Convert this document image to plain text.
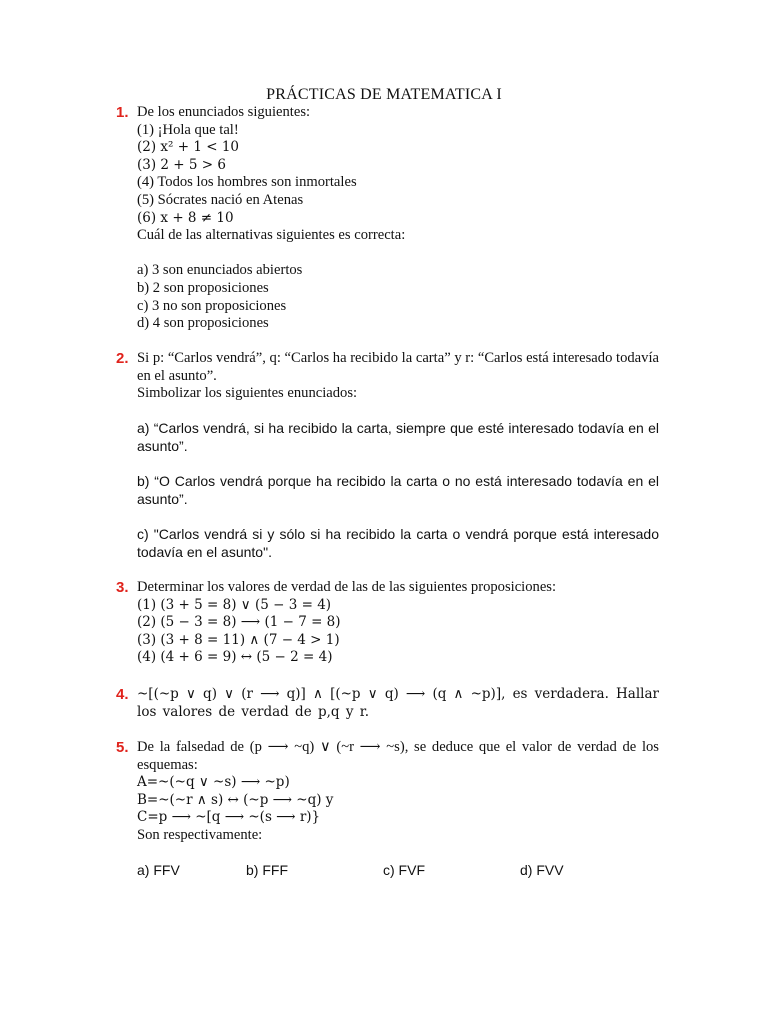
PRÁCTICAS DE MATEMATICA I
1. De los enunciados siguientes:
(1) ¡Hola que tal!
(2) x² + 1 < 10
(3) 2 + 5 > 6
(4) Todos los hombres son inmortales
(5) Sócrates nació en Atenas
(6) x + 8 ≠ 10
Cuál de las alternativas siguientes es correcta:
a) 3 son enunciados abiertos
b) 2 son proposiciones
c) 3 no son proposiciones
d) 4 son proposiciones
2. Si p: “Carlos vendrá”, q: “Carlos ha recibido la carta” y r: “Carlos está interesado todavía en el asunto”.
Simbolizar los siguientes enunciados:
a) “Carlos vendrá, si ha recibido la carta, siempre que esté interesado todavía en el asunto”.
b) “O Carlos vendrá porque ha recibido la carta o no está interesado todavía en el asunto”.
c) "Carlos vendrá si y sólo si ha recibido la carta o vendrá porque está interesado todavía en el asunto".
3. Determinar los valores de verdad de las de las siguientes proposiciones:
(1) (3 + 5 = 8) ∨ (5 − 3 = 4)
(2) (5 − 3 = 8) ⟶ (1 − 7 = 8)
(3) (3 + 8 = 11) ∧ (7 − 4 > 1)
(4) (4 + 6 = 9) ↔ (5 − 2 = 4)
4. ~[(~p ∨ q) ∨ (r ⟶ q)] ∧ [(~p ∨ q) ⟶ (q ∧ ~p)], es verdadera. Hallar los valores de verdad de p,q y r.
5. De la falsedad de (p ⟶ ~q) ∨ (~r ⟶ ~s), se deduce que el valor de verdad de los esquemas:
A=~(~q ∨ ~s) ⟶ ~p)
B=~(~r ∧ s) ↔ (~p ⟶ ~q) y
C=p ⟶ ~[q ⟶ ~(s ⟶ r)}
Son respectivamente:
a) FFV	b) FFF	c) FVF	d) FVV
